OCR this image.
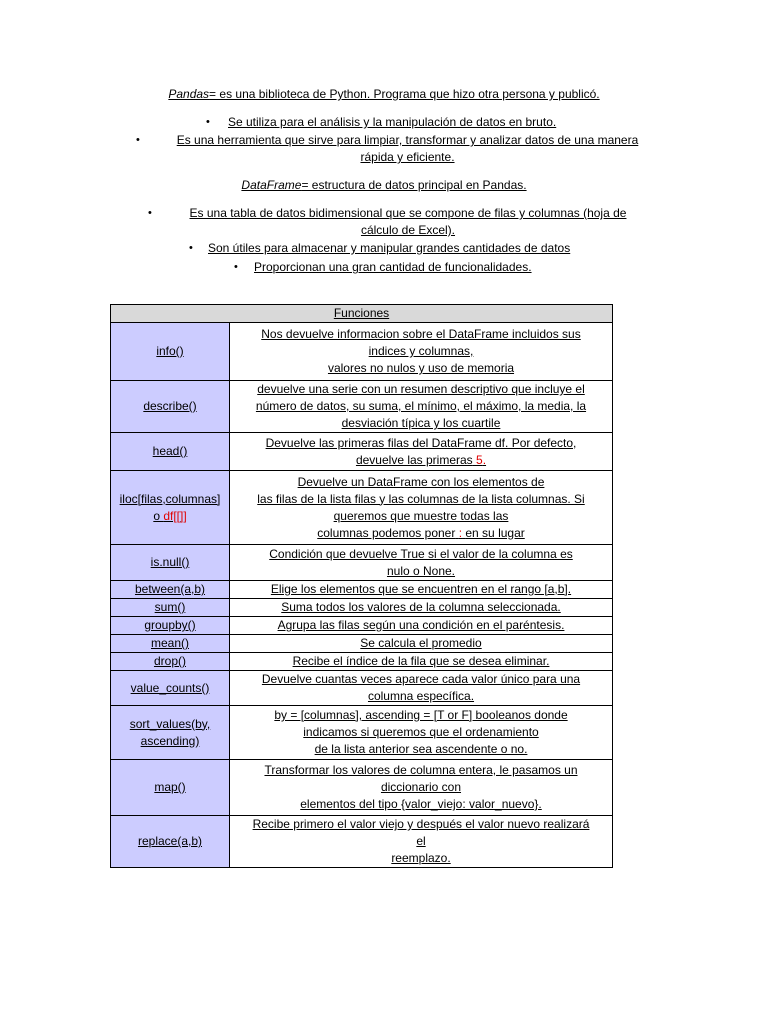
Pandas= es una biblioteca de Python. Programa que hizo otra persona y publicó.
• Se utiliza para el análisis y la manipulación de datos en bruto.
•	Es una herramienta que sirve para limpiar, transformar y analizar datos de una manera
rápida y eficiente.
DataFrame= estructura de datos principal en Pandas.
•	Es una tabla de datos bidimensional que se compone de filas y columnas (hoja de
cálculo de Excel).
• Son útiles para almacenar y manipular grandes cantidades de datos
• Proporcionan una gran cantidad de funcionalidades.
Funciones	
info()	Nos devuelve informacion sobre el DataFrame incluidos sus
indices y columnas,
valores no nulos y uso de memoria
describe()	devuelve una serie con un resumen descriptivo que incluye el
número de datos, su suma, el mínimo, el máximo, la media, la
desviación típica y los cuartile
head()	Devuelve las primeras filas del DataFrame df. Por defecto,
devuelve las primeras 5.
iloc[filas,columnas]
o df[[]]	Devuelve un DataFrame con los elementos de
las filas de la lista filas y las columnas de la lista columnas. Si
queremos que muestre todas las
columnas podemos poner : en su lugar
is.null()	Condición que devuelve True si el valor de la columna es
nulo o None.
between(a,b)	Elige los elementos que se encuentren en el rango [a,b].
sum()	Suma todos los valores de la columna seleccionada.
groupby()	Agrupa las filas según una condición en el paréntesis.
mean()	Se calcula el promedio
drop()	Recibe el índice de la fila que se desea eliminar.
value_counts()	Devuelve cuantas veces aparece cada valor único para una
columna específica.
sort_values(by,
ascending)	by = [columnas], ascending = [T or F] booleanos donde
indicamos si queremos que el ordenamiento
de la lista anterior sea ascendente o no.
map()	Transformar los valores de columna entera, le pasamos un
diccionario con
elementos del tipo {valor_viejo: valor_nuevo}.
replace(a,b)	Recibe primero el valor viejo y después el valor nuevo realizará
el
reemplazo.
